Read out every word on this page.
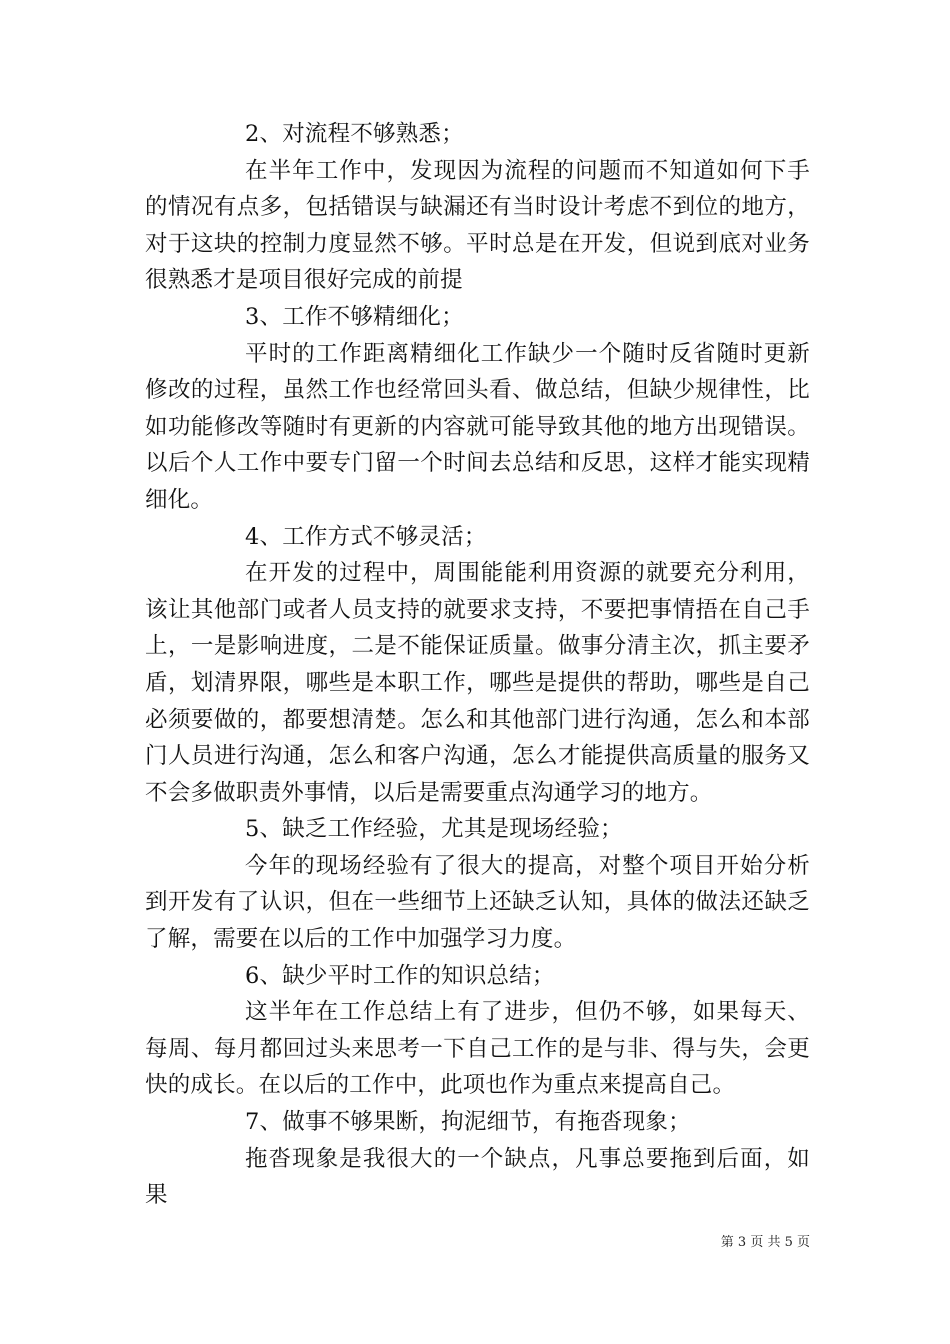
2、对流程不够熟悉；

在半年工作中，发现因为流程的问题而不知道如何下手的情况有点多，包括错误与缺漏还有当时设计考虑不到位的地方，对于这块的控制力度显然不够。平时总是在开发，但说到底对业务很熟悉才是项目很好完成的前提

3、工作不够精细化；

平时的工作距离精细化工作缺少一个随时反省随时更新修改的过程，虽然工作也经常回头看、做总结，但缺少规律性，比如功能修改等随时有更新的内容就可能导致其他的地方出现错误。以后个人工作中要专门留一个时间去总结和反思，这样才能实现精细化。

4、工作方式不够灵活；

在开发的过程中，周围能能利用资源的就要充分利用，该让其他部门或者人员支持的就要求支持，不要把事情捂在自己手上，一是影响进度，二是不能保证质量。做事分清主次，抓主要矛盾，划清界限，哪些是本职工作，哪些是提供的帮助，哪些是自己必须要做的，都要想清楚。怎么和其他部门进行沟通，怎么和本部门人员进行沟通，怎么和客户沟通，怎么才能提供高质量的服务又不会多做职责外事情，以后是需要重点沟通学习的地方。

5、缺乏工作经验，尤其是现场经验；

今年的现场经验有了很大的提高，对整个项目开始分析到开发有了认识，但在一些细节上还缺乏认知，具体的做法还缺乏了解，需要在以后的工作中加强学习力度。

6、缺少平时工作的知识总结；

这半年在工作总结上有了进步，但仍不够，如果每天、每周、每月都回过头来思考一下自己工作的是与非、得与失，会更快的成长。在以后的工作中，此项也作为重点来提高自己。

7、做事不够果断，拘泥细节，有拖沓现象；

拖沓现象是我很大的一个缺点，凡事总要拖到后面，如果

第 3 页 共 5 页
